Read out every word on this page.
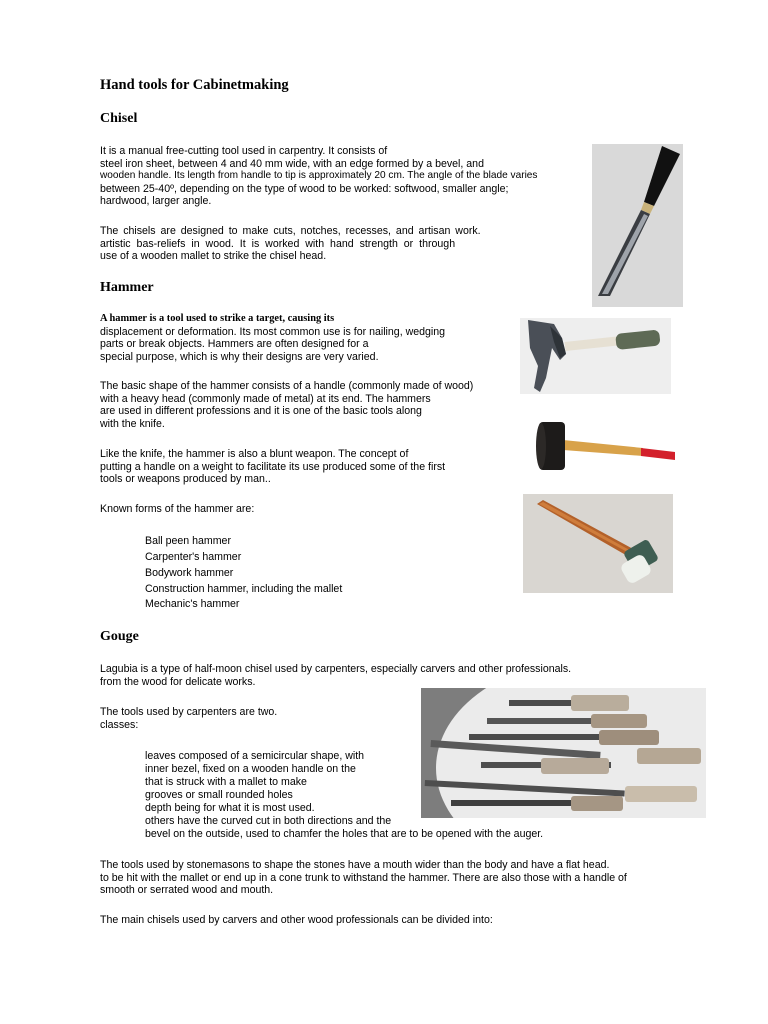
Hand tools for Cabinetmaking
Chisel
It is a manual free-cutting tool used in carpentry. It consists of
steel iron sheet, between 4 and 40 mm wide, with an edge formed by a bevel, and
wooden handle. Its length from handle to tip is approximately 20 cm. The angle of the blade varies
between 25-40º, depending on the type of wood to be worked: softwood, smaller angle;
hardwood, larger angle.
The chisels are designed to make cuts, notches, recesses, and artisan work.
artistic bas-reliefs in wood. It is worked with hand strength or through
use of a wooden mallet to strike the chisel head.
Hammer
A hammer is a tool used to strike a target, causing its
displacement or deformation. Its most common use is for nailing, wedging
parts or break objects. Hammers are often designed for a
special purpose, which is why their designs are very varied.
The basic shape of the hammer consists of a handle (commonly made of wood)
with a heavy head (commonly made of metal) at its end. The hammers
are used in different professions and it is one of the basic tools along
with the knife.
Like the knife, the hammer is also a blunt weapon. The concept of
putting a handle on a weight to facilitate its use produced some of the first
tools or weapons produced by man..
Known forms of the hammer are:
Ball peen hammer
Carpenter's hammer
Bodywork hammer
Construction hammer, including the mallet
Mechanic's hammer
Gouge
Lagubia is a type of half-moon chisel used by carpenters, especially carvers and other professionals.
from the wood for delicate works.
The tools used by carpenters are two.
classes:
leaves composed of a semicircular shape, with
inner bezel, fixed on a wooden handle on the
that is struck with a mallet to make
grooves or small rounded holes
depth being for what it is most used.
others have the curved cut in both directions and the
bevel on the outside, used to chamfer the holes that are to be opened with the auger.
The tools used by stonemasons to shape the stones have a mouth wider than the body and have a flat head.
to be hit with the mallet or end up in a cone trunk to withstand the hammer. There are also those with a handle of
smooth or serrated wood and mouth.
The main chisels used by carvers and other wood professionals can be divided into:
